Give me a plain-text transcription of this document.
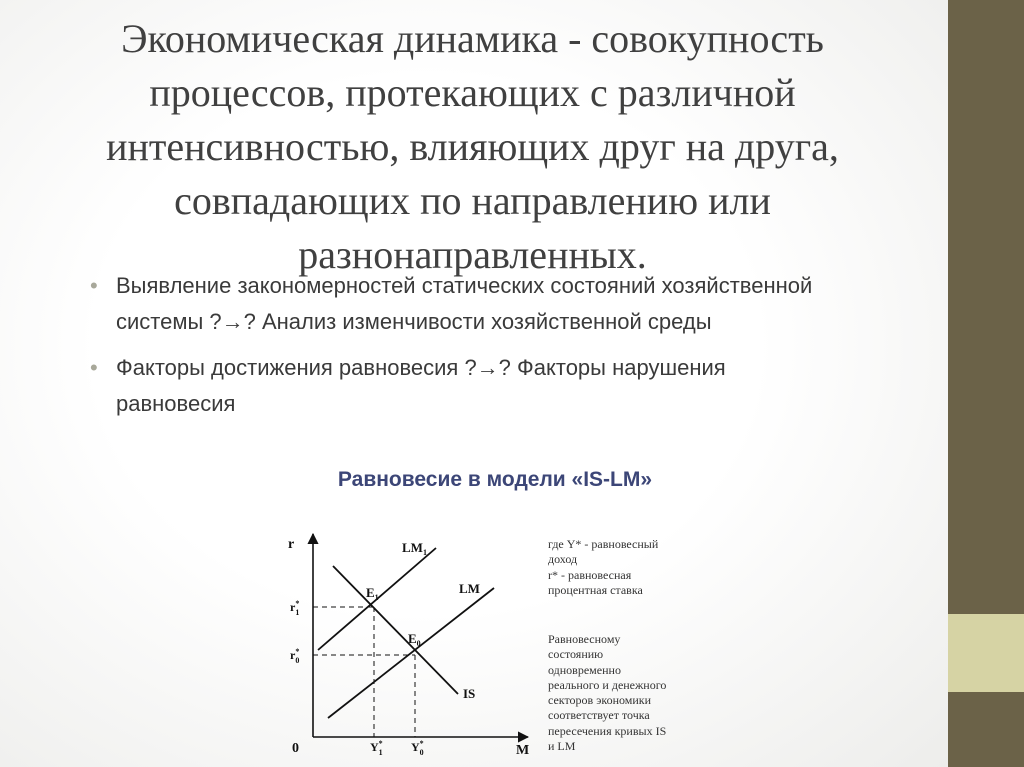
Экономическая динамика - совокупность процессов, протекающих с различной интенсивностью, влияющих друг на друга, совпадающих по направлению или разнонаправленных.
• Выявление закономерностей статических состояний хозяйственной системы ?→? Анализ изменчивости хозяйственной среды
• Факторы достижения равновесия ?→? Факторы нарушения равновесия
Равновесие в модели «IS-LM»
r
M
0
$LM_1$
LM
IS
$E_1$
$E_0$
r* 1
r* 0
Y* 1 Y* 0
где Y* - равновесный
доход
r* - равновесная
процентная ставка
Равновесному
состоянию
одновременно
реального и денежного
секторов экономики
соответствует точка
пересечения кривых IS
и LM
